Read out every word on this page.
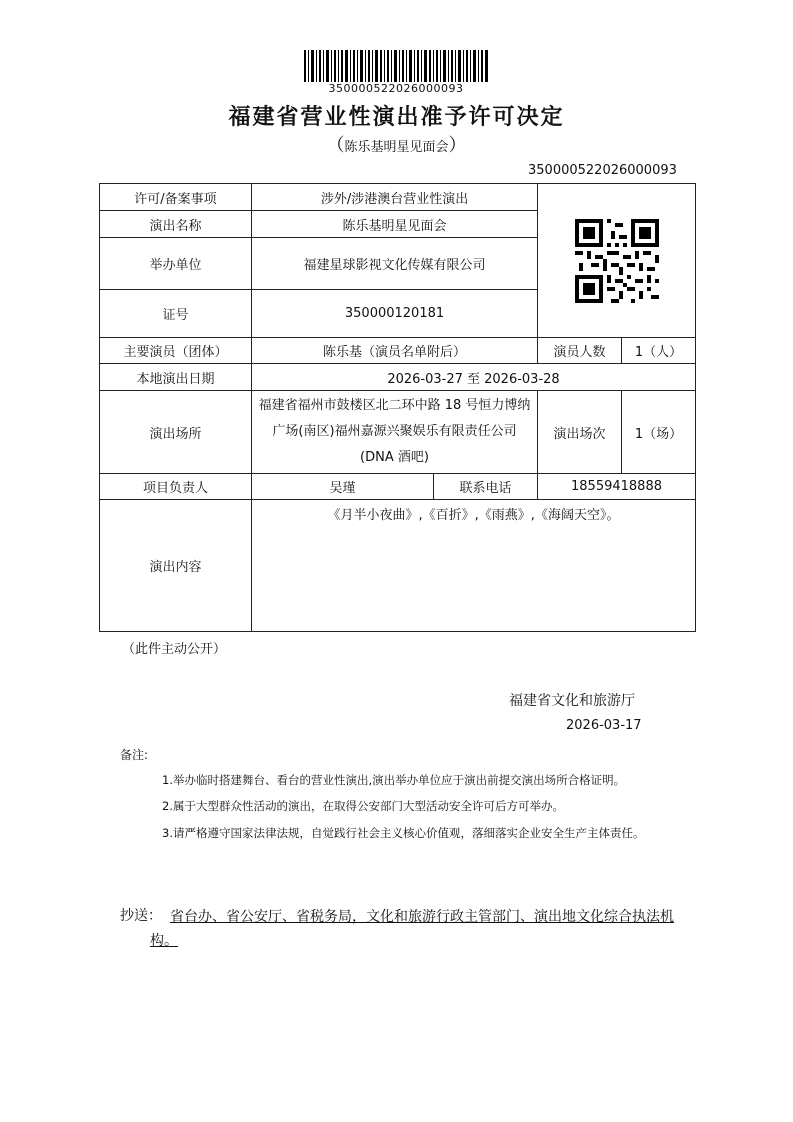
350000522026000093
福建省营业性演出准予许可决定
（陈乐基明星见面会）
350000522026000093
许可/备案事项	涉外/涉港澳台营业性演出	

演出名称	陈乐基明星见面会			
举办单位	福建星球影视文化传媒有限公司			
证号	350000120181			
主要演员（团体）	陈乐基（演员名单附后）		演员人数	1（人）
本地演出日期	2026-03-27 至 2026-03-28			
演出场所	福建省福州市鼓楼区北二环中路 18 号恒力博纳广场(南区)福州嘉源兴聚娱乐有限责任公司(DNA 酒吧)		演出场次	1（场）
项目负责人	吴瑾	联系电话	18559418888	
演出内容	《月半小夜曲》,《百折》,《雨燕》,《海阔天空》。			
（此件主动公开）
福建省文化和旅游厅
2026-03-17
备注:
1.举办临时搭建舞台、看台的营业性演出,演出举办单位应于演出前提交演出场所合格证明。
2.属于大型群众性活动的演出，在取得公安部门大型活动安全许可后方可举办。
3.请严格遵守国家法律法规，自觉践行社会主义核心价值观，落细落实企业安全生产主体责任。
抄送： 省台办、省公安厅、省税务局，文化和旅游行政主管部门、演出地文化综合执法机构。
